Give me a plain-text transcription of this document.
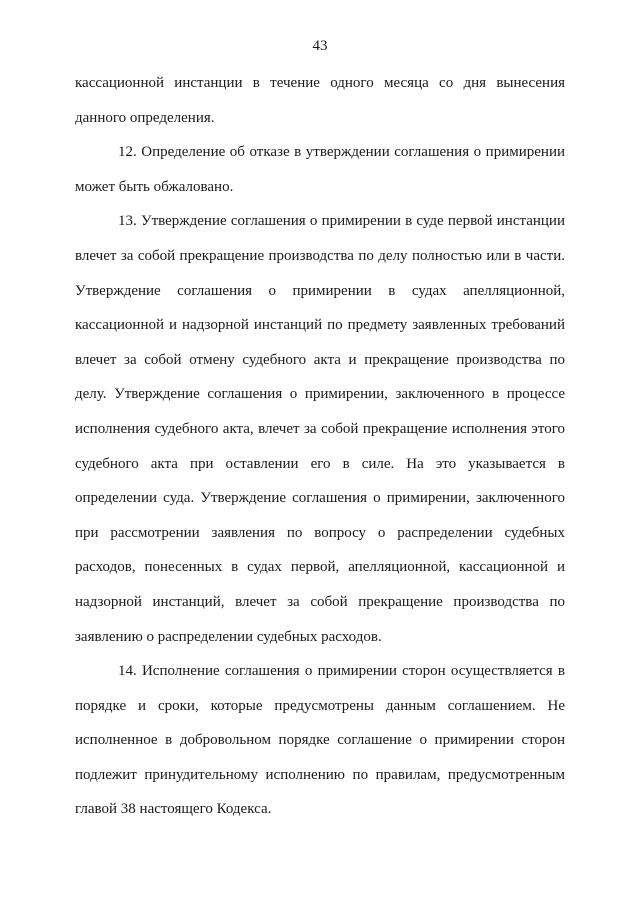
43

кассационной инстанции в течение одного месяца со дня вынесения данного определения.

12. Определение об отказе в утверждении соглашения о примирении может быть обжаловано.

13. Утверждение соглашения о примирении в суде первой инстанции влечет за собой прекращение производства по делу полностью или в части. Утверждение соглашения о примирении в судах апелляционной, кассационной и надзорной инстанций по предмету заявленных требований влечет за собой отмену судебного акта и прекращение производства по делу. Утверждение соглашения о примирении, заключенного в процессе исполнения судебного акта, влечет за собой прекращение исполнения этого судебного акта при оставлении его в силе. На это указывается в определении суда. Утверждение соглашения о примирении, заключенного при рассмотрении заявления по вопросу о распределении судебных расходов, понесенных в судах первой, апелляционной, кассационной и надзорной инстанций, влечет за собой прекращение производства по заявлению о распределении судебных расходов.

14. Исполнение соглашения о примирении сторон осуществляется в порядке и сроки, которые предусмотрены данным соглашением. Не исполненное в добровольном порядке соглашение о примирении сторон подлежит принудительному исполнению по правилам, предусмотренным главой 38 настоящего Кодекса.
